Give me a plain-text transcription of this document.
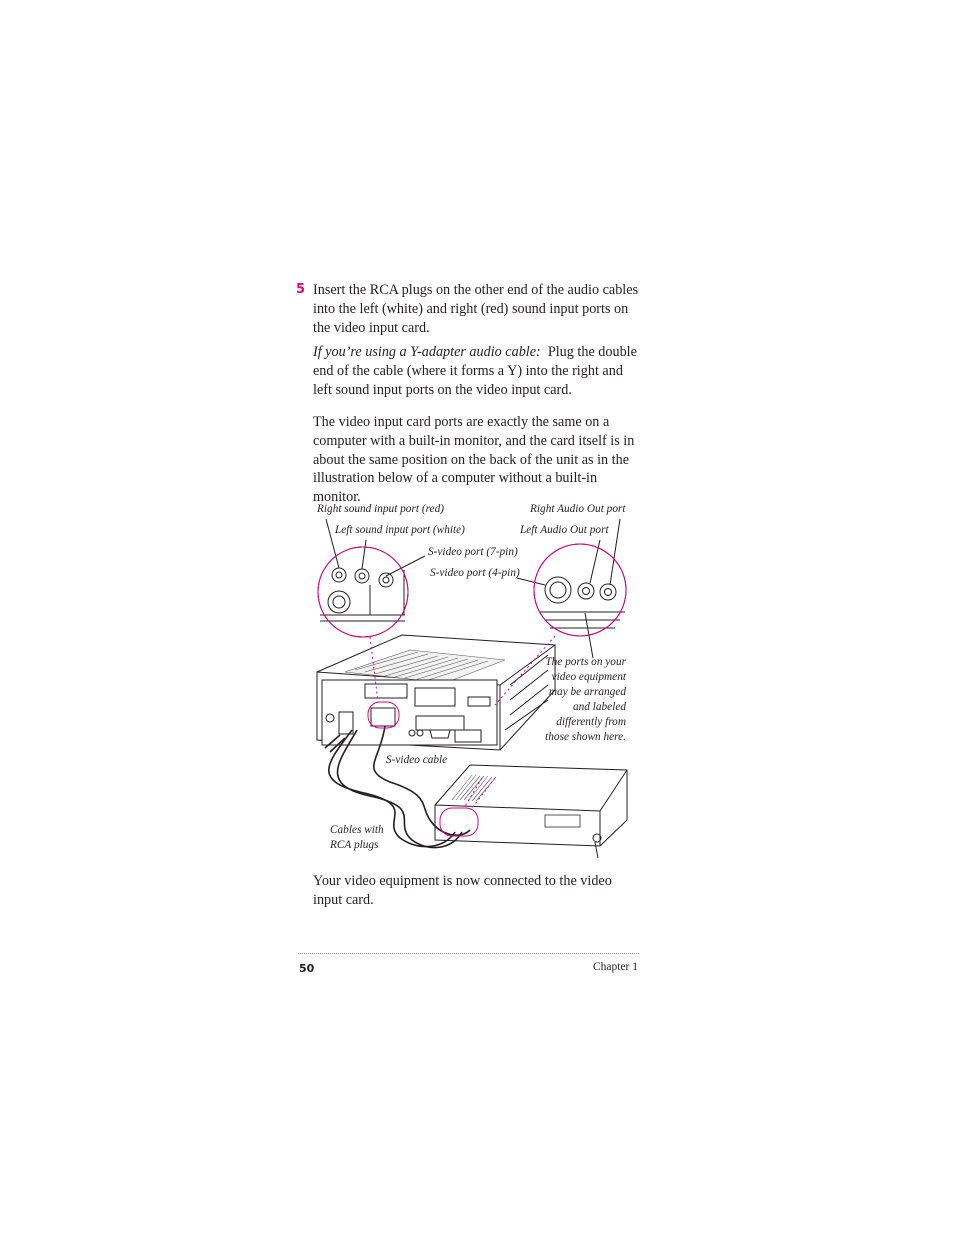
5 Insert the RCA plugs on the other end of the audio cables into the left (white) and right (red) sound input ports on the video input card.

If you’re using a Y-adapter audio cable: Plug the double end of the cable (where it forms a Y) into the right and left sound input ports on the video input card.

The video input card ports are exactly the same on a computer with a built-in monitor, and the card itself is in about the same position on the back of the unit as in the illustration below of a computer without a built-in monitor.

Right sound input port (red)
Left sound input port (white)
S-video port (7-pin)
S-video port (4-pin)
Right Audio Out port
Left Audio Out port
S-video cable
Cables with
RCA plugs
The ports on your video equipment may be arranged and labeled differently from those shown here.

Your video equipment is now connected to the video input card.

50	Chapter 1
